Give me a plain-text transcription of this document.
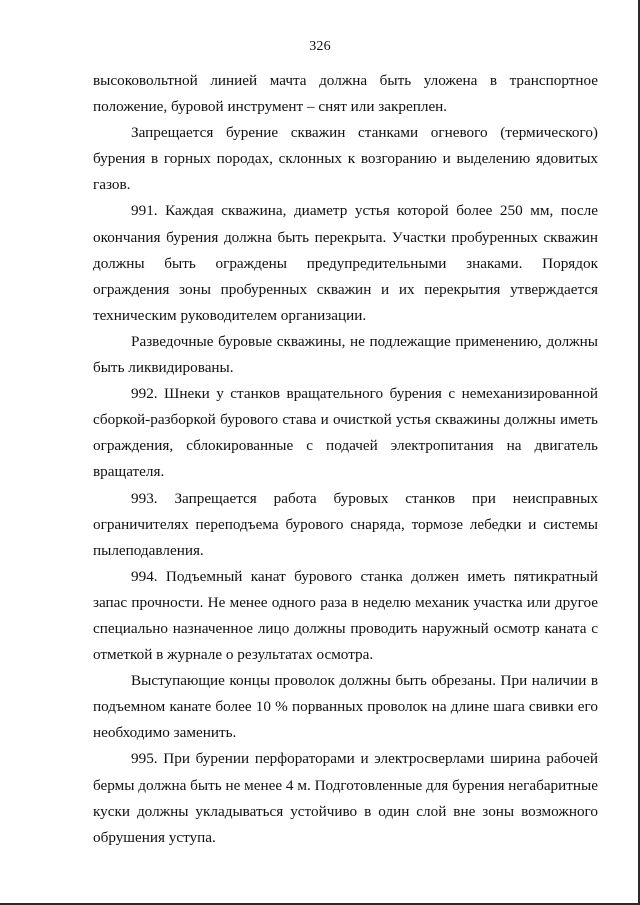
326

высоковольтной линией мачта должна быть уложена в транспортное положение, буровой инструмент – снят или закреплен.

Запрещается бурение скважин станками огневого (термического) бурения в горных породах, склонных к возгоранию и выделению ядовитых газов.

991. Каждая скважина, диаметр устья которой более 250 мм, после окончания бурения должна быть перекрыта. Участки пробуренных скважин должны быть ограждены предупредительными знаками. Порядок ограждения зоны пробуренных скважин и их перекрытия утверждается техническим руководителем организации.

Разведочные буровые скважины, не подлежащие применению, должны быть ликвидированы.

992. Шнеки у станков вращательного бурения с немеханизированной сборкой-разборкой бурового става и очисткой устья скважины должны иметь ограждения, сблокированные с подачей электропитания на двигатель вращателя.

993. Запрещается работа буровых станков при неисправных ограничителях переподъема бурового снаряда, тормозе лебедки и системы пылеподавления.

994. Подъемный канат бурового станка должен иметь пятикратный запас прочности. Не менее одного раза в неделю механик участка или другое специально назначенное лицо должны проводить наружный осмотр каната с отметкой в журнале о результатах осмотра.

Выступающие концы проволок должны быть обрезаны. При наличии в подъемном канате более 10 % порванных проволок на длине шага свивки его необходимо заменить.

995. При бурении перфораторами и электросверлами ширина рабочей бермы должна быть не менее 4 м. Подготовленные для бурения негабаритные куски должны укладываться устойчиво в один слой вне зоны возможного обрушения уступа.
